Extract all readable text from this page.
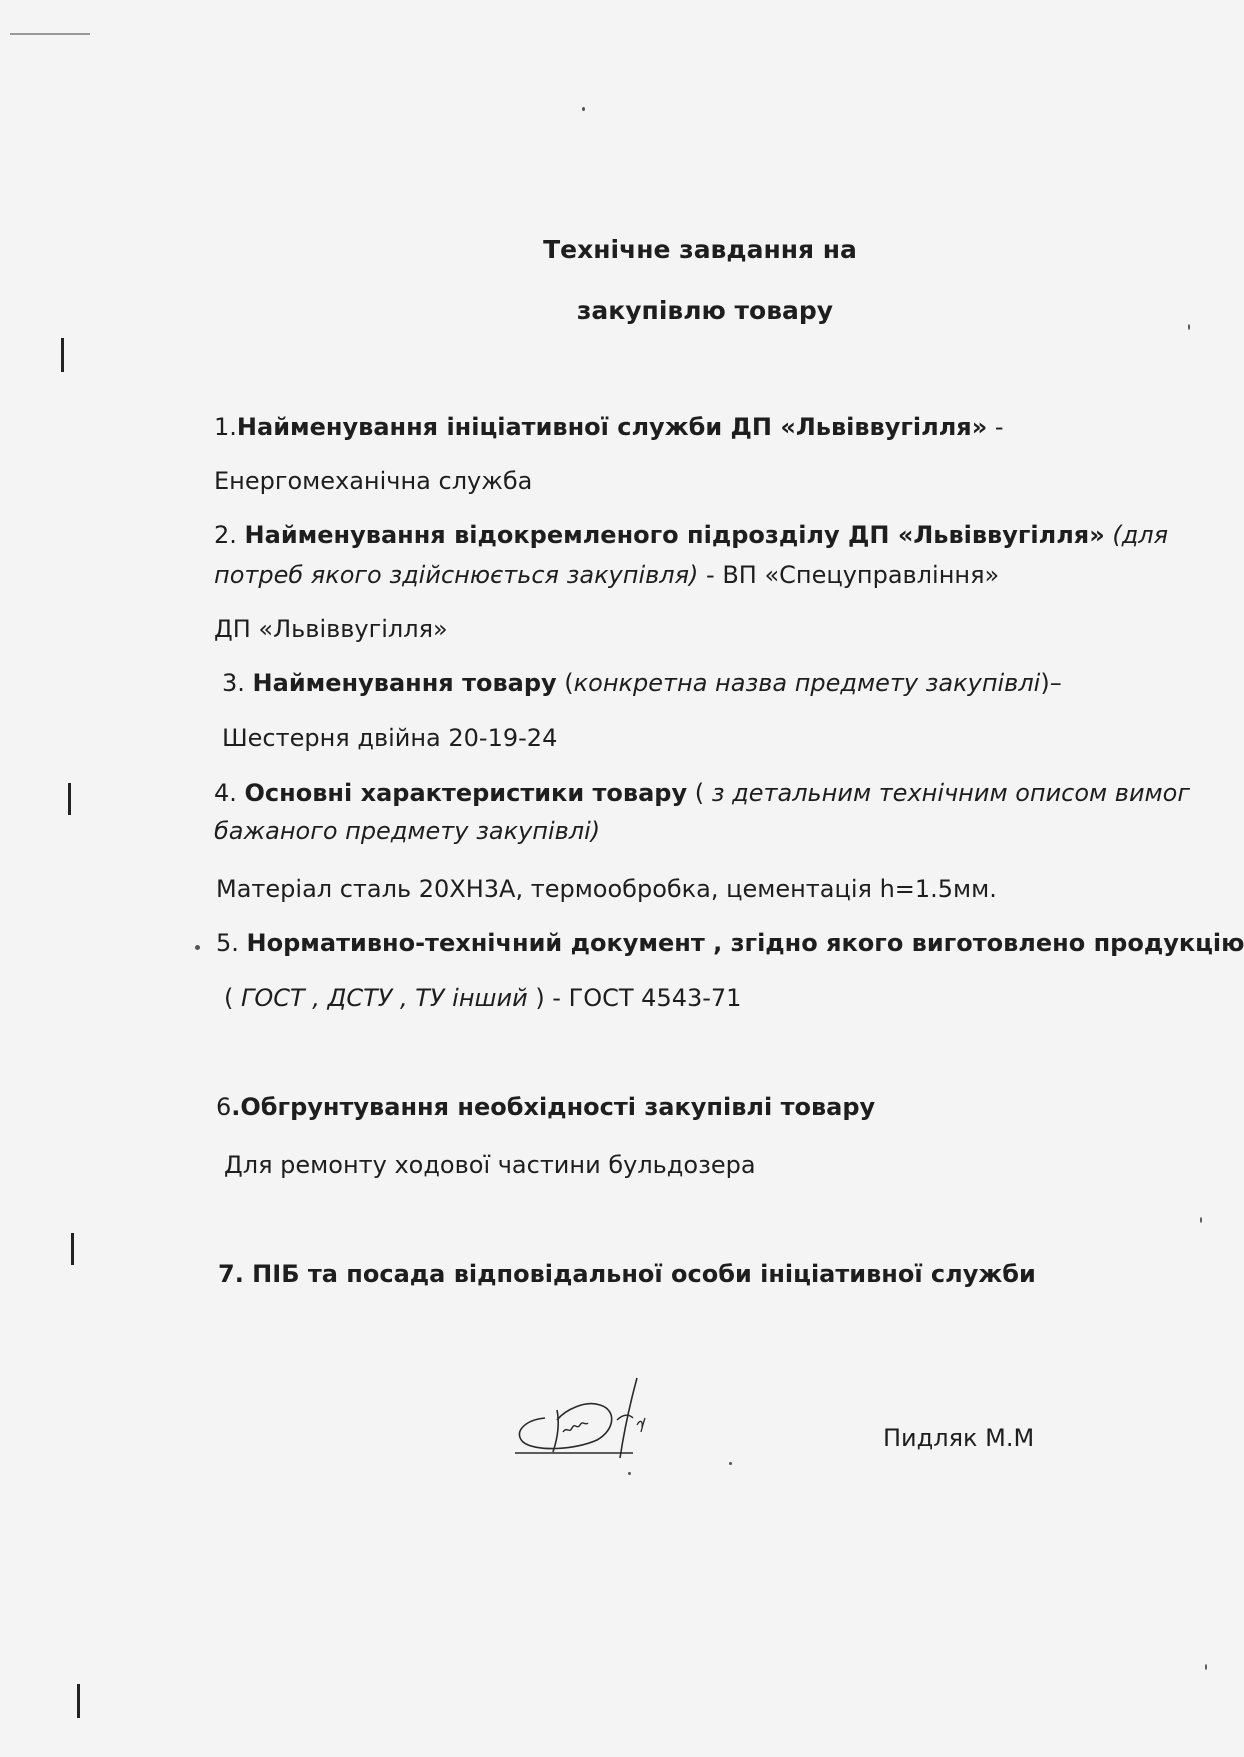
Технічне завдання на
закупівлю товару
1.Найменування ініціативної служби ДП «Львіввугілля» -
Енергомеханічна служба
2. Найменування відокремленого підрозділу ДП «Львіввугілля» (для
потреб якого здійснюється закупівля) - ВП «Спецуправління»
ДП «Львіввугілля»
3. Найменування товару (конкретна назва предмету закупівлі)–
Шестерня двійна 20-19-24
4. Основні характеристики товару ( з детальним технічним описом вимог
бажаного предмету закупівлі)
Матеріал сталь 20ХН3А, термообробка, цементація h=1.5мм.
5. Нормативно-технічний документ , згідно якого виготовлено продукцію
( ГОСТ , ДСТУ , ТУ інший ) - ГОСТ 4543-71
6.Обгрунтування необхідності закупівлі товару
Для ремонту ходової частини бульдозера
7. ПІБ та посада відповідальної особи ініціативної служби
Пидляк М.М
